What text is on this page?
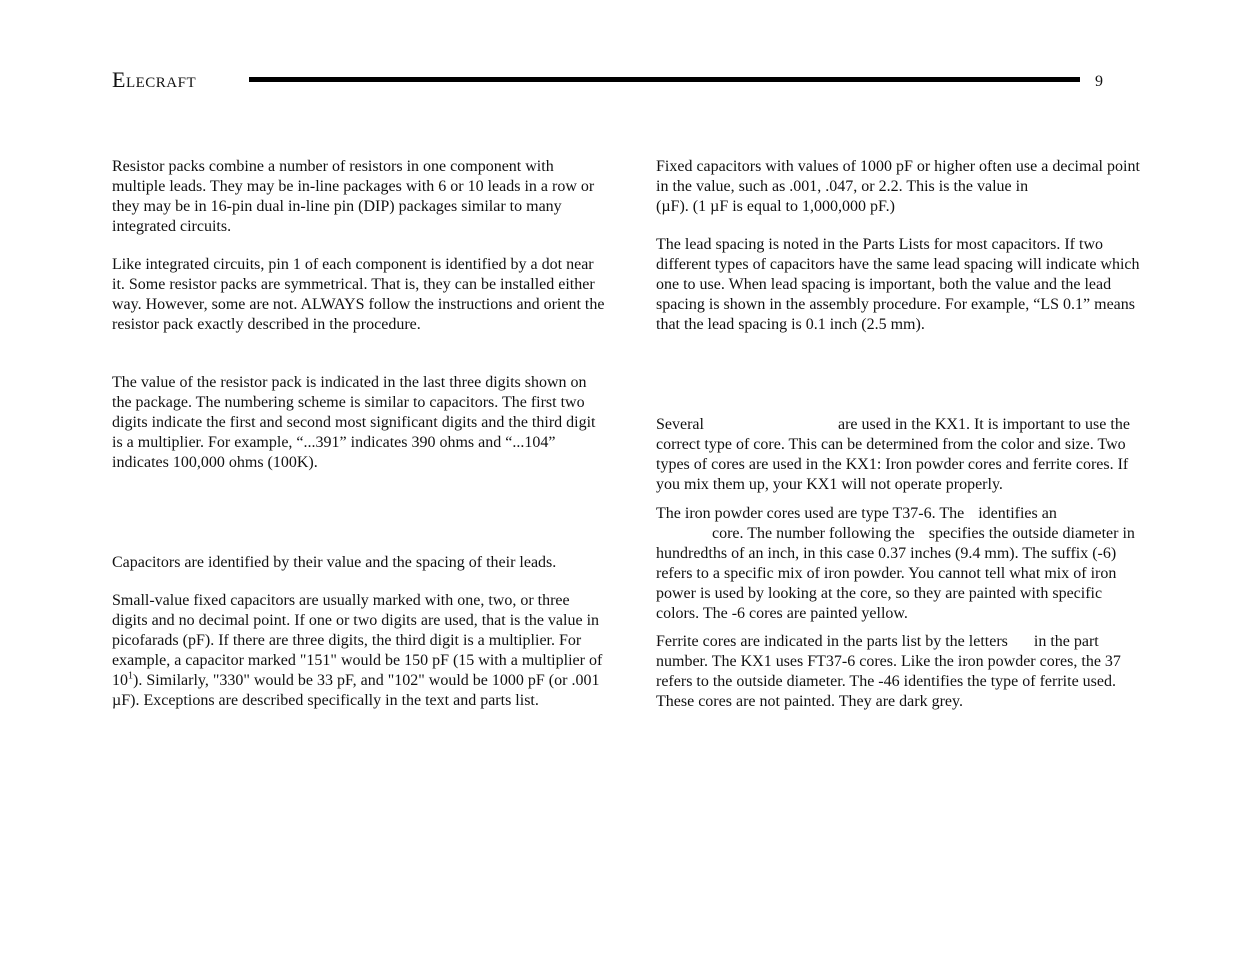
Elecraft	9

Resistor packs combine a number of resistors in one component with multiple leads. They may be in-line packages with 6 or 10 leads in a row or they may be in 16-pin dual in-line pin (DIP) packages similar to many integrated circuits.

Like integrated circuits, pin 1 of each component is identified by a dot near it. Some resistor packs are symmetrical. That is, they can be installed either way. However, some are not. ALWAYS follow the instructions and orient the resistor pack exactly described in the procedure.

The value of the resistor pack is indicated in the last three digits shown on the package. The numbering scheme is similar to capacitors. The first two digits indicate the first and second most significant digits and the third digit is a multiplier. For example, “...391” indicates 390 ohms and “...104” indicates 100,000 ohms (100K).

Capacitors are identified by their value and the spacing of their leads.

Small-value fixed capacitors are usually marked with one, two, or three digits and no decimal point. If one or two digits are used, that is the value in picofarads (pF). If there are three digits, the third digit is a multiplier. For example, a capacitor marked "151" would be 150 pF (15 with a multiplier of $10^1$). Similarly, "330" would be 33 pF, and "102" would be 1000 pF (or .001 µF). Exceptions are described specifically in the text and parts list.

Fixed capacitors with values of 1000 pF or higher often use a decimal point in the value, such as .001, .047, or 2.2. This is the value in(µF). (1 µF is equal to 1,000,000 pF.)

The lead spacing is noted in the Parts Lists for most capacitors. If two different types of capacitors have the same lead spacing will indicate which one to use. When lead spacing is important, both the value and the lead spacing is shown in the assembly procedure. For example, “LS 0.1” means that the lead spacing is 0.1 inch (2.5 mm).

Several	are used in the KX1. It is important to use the correct type of core. This can be determined from the color and size. Two types of cores are used in the KX1: Iron powder cores and ferrite cores. If you mix them up, your KX1 will not operate properly.

The iron powder cores used are type T37-6. The identifies an
core. The number following the specifies the outside diameter in hundredths of an inch, in this case 0.37 inches (9.4 mm). The suffix (-6) refers to a specific mix of iron powder. You cannot tell what mix of iron power is used by looking at the core, so they are painted with specific colors. The -6 cores are painted yellow.

Ferrite cores are indicated in the parts list by the letters in the part number. The KX1 uses FT37-6 cores. Like the iron powder cores, the 37 refers to the outside diameter. The -46 identifies the type of ferrite used. These cores are not painted. They are dark grey.
